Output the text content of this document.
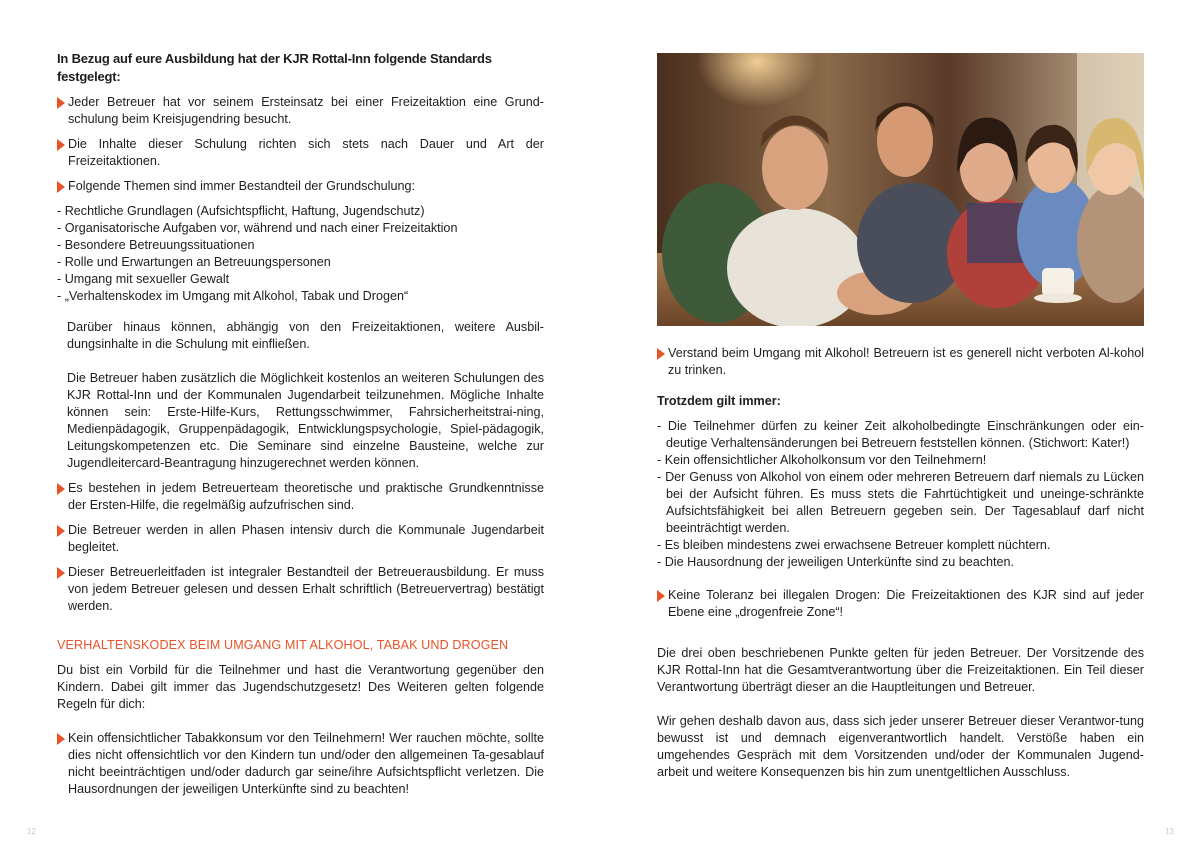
In Bezug auf eure Ausbildung hat der KJR Rottal-Inn folgende Standards festgelegt:

Jeder Betreuer hat vor seinem Ersteinsatz bei einer Freizeitaktion eine Grund-schulung beim Kreisjugendring besucht.
Die Inhalte dieser Schulung richten sich stets nach Dauer und Art der Freizeitaktionen.
Folgende Themen sind immer Bestandteil der Grundschulung:
- Rechtliche Grundlagen (Aufsichtspflicht, Haftung, Jugendschutz)
- Organisatorische Aufgaben vor, während und nach einer Freizeitaktion
- Besondere Betreuungssituationen
- Rolle und Erwartungen an Betreuungspersonen
- Umgang mit sexueller Gewalt
- „Verhaltenskodex im Umgang mit Alkohol, Tabak und Drogen“

Darüber hinaus können, abhängig von den Freizeitaktionen, weitere Ausbil-dungsinhalte in die Schulung mit einfließen.

Die Betreuer haben zusätzlich die Möglichkeit kostenlos an weiteren Schulungen des KJR Rottal-Inn und der Kommunalen Jugendarbeit teilzunehmen. Mögliche Inhalte können sein: Erste-Hilfe-Kurs, Rettungsschwimmer, Fahrsicherheitstrai-ning, Medienpädagogik, Gruppenpädagogik, Entwicklungspsychologie, Spiel-pädagogik, Leitungskompetenzen etc. Die Seminare sind einzelne Bausteine, welche zur Jugendleitercard-Beantragung hinzugerechnet werden können.

Es bestehen in jedem Betreuerteam theoretische und praktische Grundkenntnisse der Ersten-Hilfe, die regelmäßig aufzufrischen sind.
Die Betreuer werden in allen Phasen intensiv durch die Kommunale Jugendarbeit begleitet.
Dieser Betreuerleitfaden ist integraler Bestandteil der Betreuerausbildung. Er muss von jedem Betreuer gelesen und dessen Erhalt schriftlich (Betreuervertrag) bestätigt werden.

VERHALTENSKODEX BEIM UMGANG MIT ALKOHOL, TABAK UND DROGEN

Du bist ein Vorbild für die Teilnehmer und hast die Verantwortung gegenüber den Kindern. Dabei gilt immer das Jugendschutzgesetz! Des Weiteren gelten folgende Regeln für dich:

Kein offensichtlicher Tabakkonsum vor den Teilnehmern! Wer rauchen möchte, sollte dies nicht offensichtlich vor den Kindern tun und/oder den allgemeinen Ta-gesablauf nicht beeinträchtigen und/oder dadurch gar seine/ihre Aufsichtspflicht verletzen. Die Hausordnungen der jeweiligen Unterkünfte sind zu beachten!
12
Verstand beim Umgang mit Alkohol! Betreuern ist es generell nicht verboten Al-kohol zu trinken.

Trotzdem gilt immer:

- Die Teilnehmer dürfen zu keiner Zeit alkoholbedingte Einschränkungen oder ein-deutige Verhaltensänderungen bei Betreuern feststellen können. (Stichwort: Kater!)
- Kein offensichtlicher Alkoholkonsum vor den Teilnehmern!
- Der Genuss von Alkohol von einem oder mehreren Betreuern darf niemals zu Lücken bei der Aufsicht führen. Es muss stets die Fahrtüchtigkeit und uneinge-schränkte Aufsichtsfähigkeit bei allen Betreuern gegeben sein. Der Tagesablauf darf nicht beeinträchtigt werden.
- Es bleiben mindestens zwei erwachsene Betreuer komplett nüchtern.
- Die Hausordnung der jeweiligen Unterkünfte sind zu beachten.
Keine Toleranz bei illegalen Drogen: Die Freizeitaktionen des KJR sind auf jeder Ebene eine „drogenfreie Zone“!

Die drei oben beschriebenen Punkte gelten für jeden Betreuer. Der Vorsitzende des KJR Rottal-Inn hat die Gesamtverantwortung über die Freizeitaktionen. Ein Teil dieser Verantwortung überträgt dieser an die Hauptleitungen und Betreuer.

Wir gehen deshalb davon aus, dass sich jeder unserer Betreuer dieser Verantwor-tung bewusst ist und demnach eigenverantwortlich handelt. Verstöße haben ein umgehendes Gespräch mit dem Vorsitzenden und/oder der Kommunalen Jugend-arbeit und weitere Konsequenzen bis hin zum unentgeltlichen Ausschluss.

13
